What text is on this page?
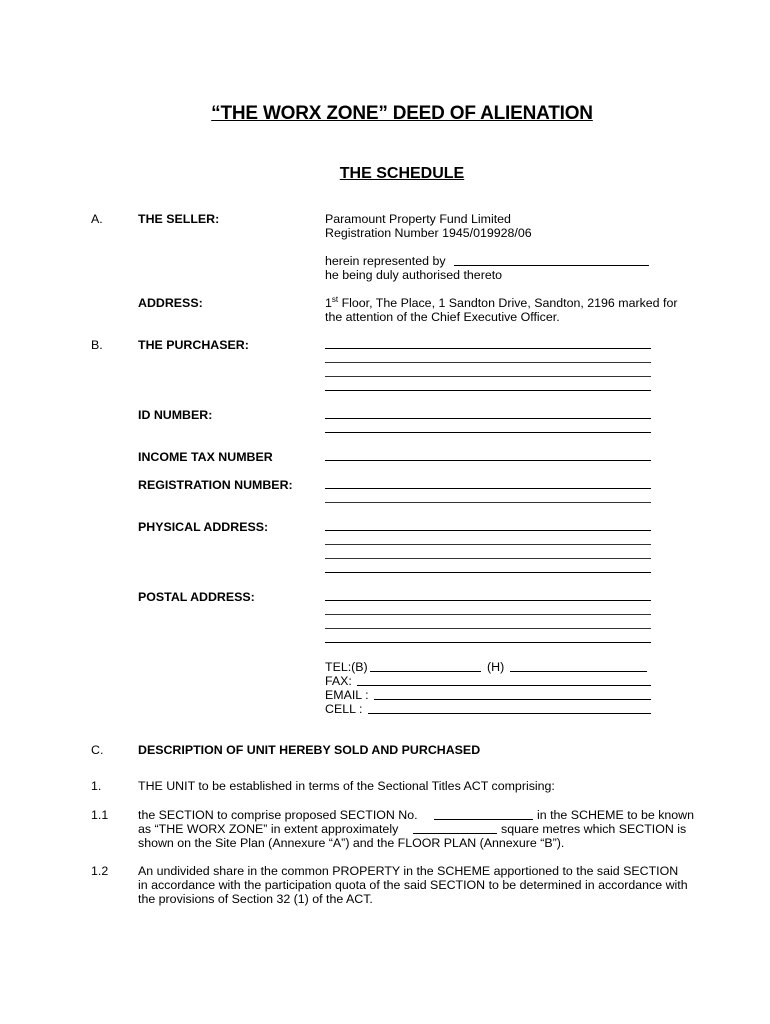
“THE WORX ZONE” DEED OF ALIENATION
THE SCHEDULE
A.	THE SELLER:	Paramount Property Fund Limited
Registration Number 1945/019928/06
herein represented by
he being duly authorised thereto
ADDRESS:	1st Floor, The Place, 1 Sandton Drive, Sandton, 2196 marked for
the attention of the Chief Executive Officer.
B.	THE PURCHASER:
ID NUMBER:
INCOME TAX NUMBER
REGISTRATION NUMBER:
PHYSICAL ADDRESS:
POSTAL ADDRESS:
TEL:(B)	(H)
FAX:
EMAIL :
CELL :
C.	DESCRIPTION OF UNIT HEREBY SOLD AND PURCHASED
1.	THE UNIT to be established in terms of the Sectional Titles ACT comprising:
1.1 the SECTION to comprise proposed SECTION No.	in the SCHEME to be known
as “THE WORX ZONE” in extent approximately	square metres which SECTION is
shown on the Site Plan (Annexure “A”) and the FLOOR PLAN (Annexure “B”).
1.2 An undivided share in the common PROPERTY in the SCHEME apportioned to the said SECTION
in accordance with the participation quota of the said SECTION to be determined in accordance with
the provisions of Section 32 (1) of the ACT.
